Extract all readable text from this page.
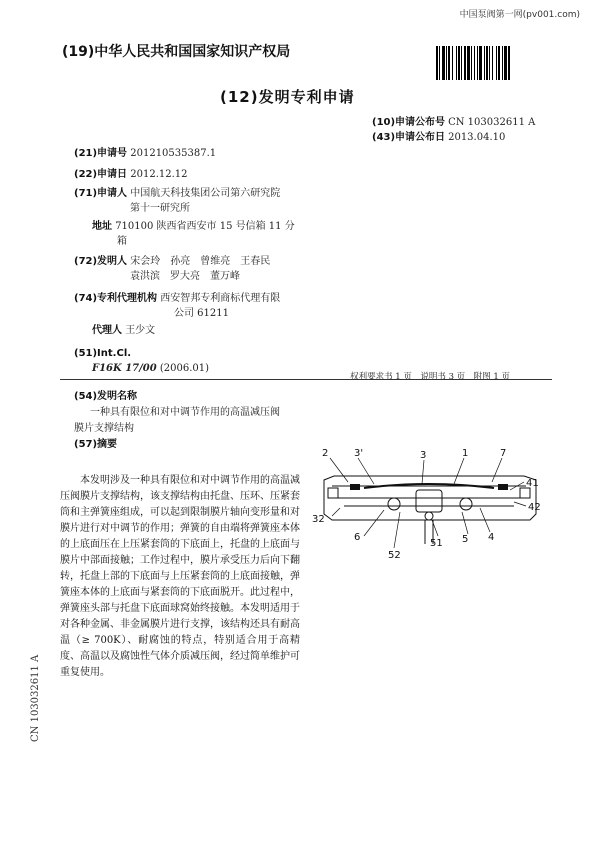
中国泵阀第一网(pv001.com)
(19)中华人民共和国国家知识产权局
(12)发明专利申请
(10)申请公布号 CN 103032611 A
(43)申请公布日 2013.04.10
(21)申请号 201210535387.1
(22)申请日 2012.12.12
(71)申请人 中国航天科技集团公司第六研究院
第十一研究所
地址 710100 陕西省西安市 15 号信箱 11 分
箱
(72)发明人 宋会玲　孙亮　曾维亮　王春民
袁洪滨　罗大亮　董万峰
(74)专利代理机构 西安智邦专利商标代理有限
公司 61211
代理人 王少文
(51)Int.Cl.
F16K 17/00 (2006.01)
权利要求书 1 页　说明书 3 页　附图 1 页
(54)发明名称
一种具有限位和对中调节作用的高温减压阀
膜片支撑结构
(57)摘要
本发明涉及一种具有限位和对中调节作用的高温减压阀膜片支撑结构，该支撑结构由托盘、压环、压紧套筒和主弹簧座组成，可以起到限制膜片轴向变形量和对膜片进行对中调节的作用；弹簧的自由端将弹簧座本体的上底面压在上压紧套筒的下底面上，托盘的上底面与膜片中部面接触；工作过程中，膜片承受压力后向下翻转，托盘上部的下底面与上压紧套筒的上底面接触，弹簧座本体的上底面与紧套筒的下底面脱开。此过程中，弹簧座头部与托盘下底面球窝始终接触。本发明适用于对各种金属、非金属膜片进行支撑，该结构还具有耐高温（≥ 700K）、耐腐蚀的特点，特别适合用于高精度、高温以及腐蚀性气体介质减压阀，经过简单维护可重复使用。
2	3'	3	1	7
41
42
32
6
51 5 4
52
CN 103032611 A
